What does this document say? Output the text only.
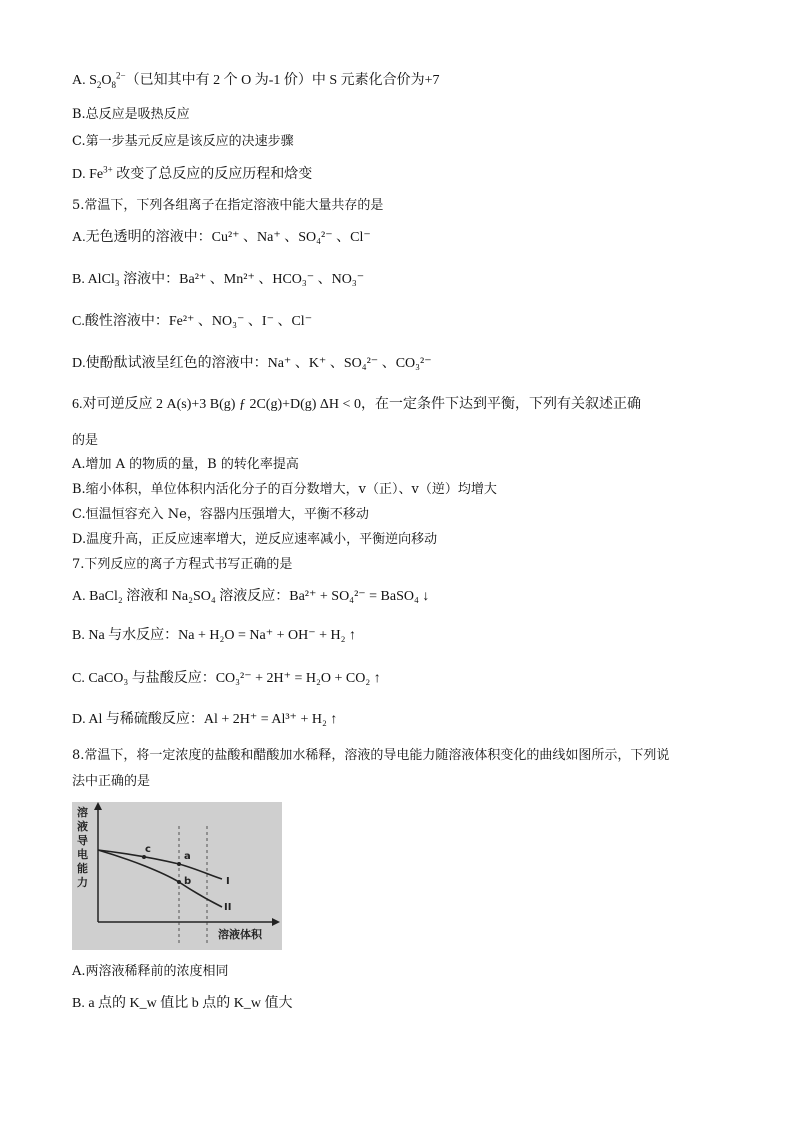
A. $S_2O_8^{2-}$（已知其中有 2 个 O 为-1 价）中 S 元素化合价为+7
B.总反应是吸热反应
C.第一步基元反应是该反应的决速步骤
D. $Fe^{3+}$ 改变了总反应的反应历程和焓变
5.常温下，下列各组离子在指定溶液中能大量共存的是
A.无色透明的溶液中：Cu²⁺ 、Na⁺ 、SO₄²⁻ 、Cl⁻
B. AlCl₃ 溶液中：Ba²⁺ 、Mn²⁺ 、HCO₃⁻ 、NO₃⁻
C.酸性溶液中：Fe²⁺ 、NO₃⁻ 、I⁻ 、Cl⁻
D.使酚酞试液呈红色的溶液中：Na⁺ 、K⁺ 、SO₄²⁻ 、CO₃²⁻
6.对可逆反应 2 A(s)+3 B(g) ƒ 2C(g)+D(g) ΔH < 0，在一定条件下达到平衡，下列有关叙述正确
的是
A.增加 A 的物质的量，B 的转化率提高
B.缩小体积，单位体积内活化分子的百分数增大，v（正）、v（逆）均增大
C.恒温恒容充入 Ne，容器内压强增大，平衡不移动
D.温度升高，正反应速率增大，逆反应速率减小，平衡逆向移动
7.下列反应的离子方程式书写正确的是
A. BaCl₂ 溶液和 Na₂SO₄ 溶液反应：Ba²⁺ + SO₄²⁻ = BaSO₄ ↓
B. Na 与水反应：Na + H₂O = Na⁺ + OH⁻ + H₂ ↑
C. CaCO₃ 与盐酸反应：CO₃²⁻ + 2H⁺ = H₂O + CO₂ ↑
D. Al 与稀硫酸反应：Al + 2H⁺ = Al³⁺ + H₂ ↑
8.常温下，将一定浓度的盐酸和醋酸加水稀释，溶液的导电能力随溶液体积变化的曲线如图所示，下列说
法中正确的是
溶
液
导
电
能
力
c
a
b	I
II
溶液体积
A.两溶液稀释前的浓度相同
B. a 点的 K_w 值比 b 点的 K_w 值大
